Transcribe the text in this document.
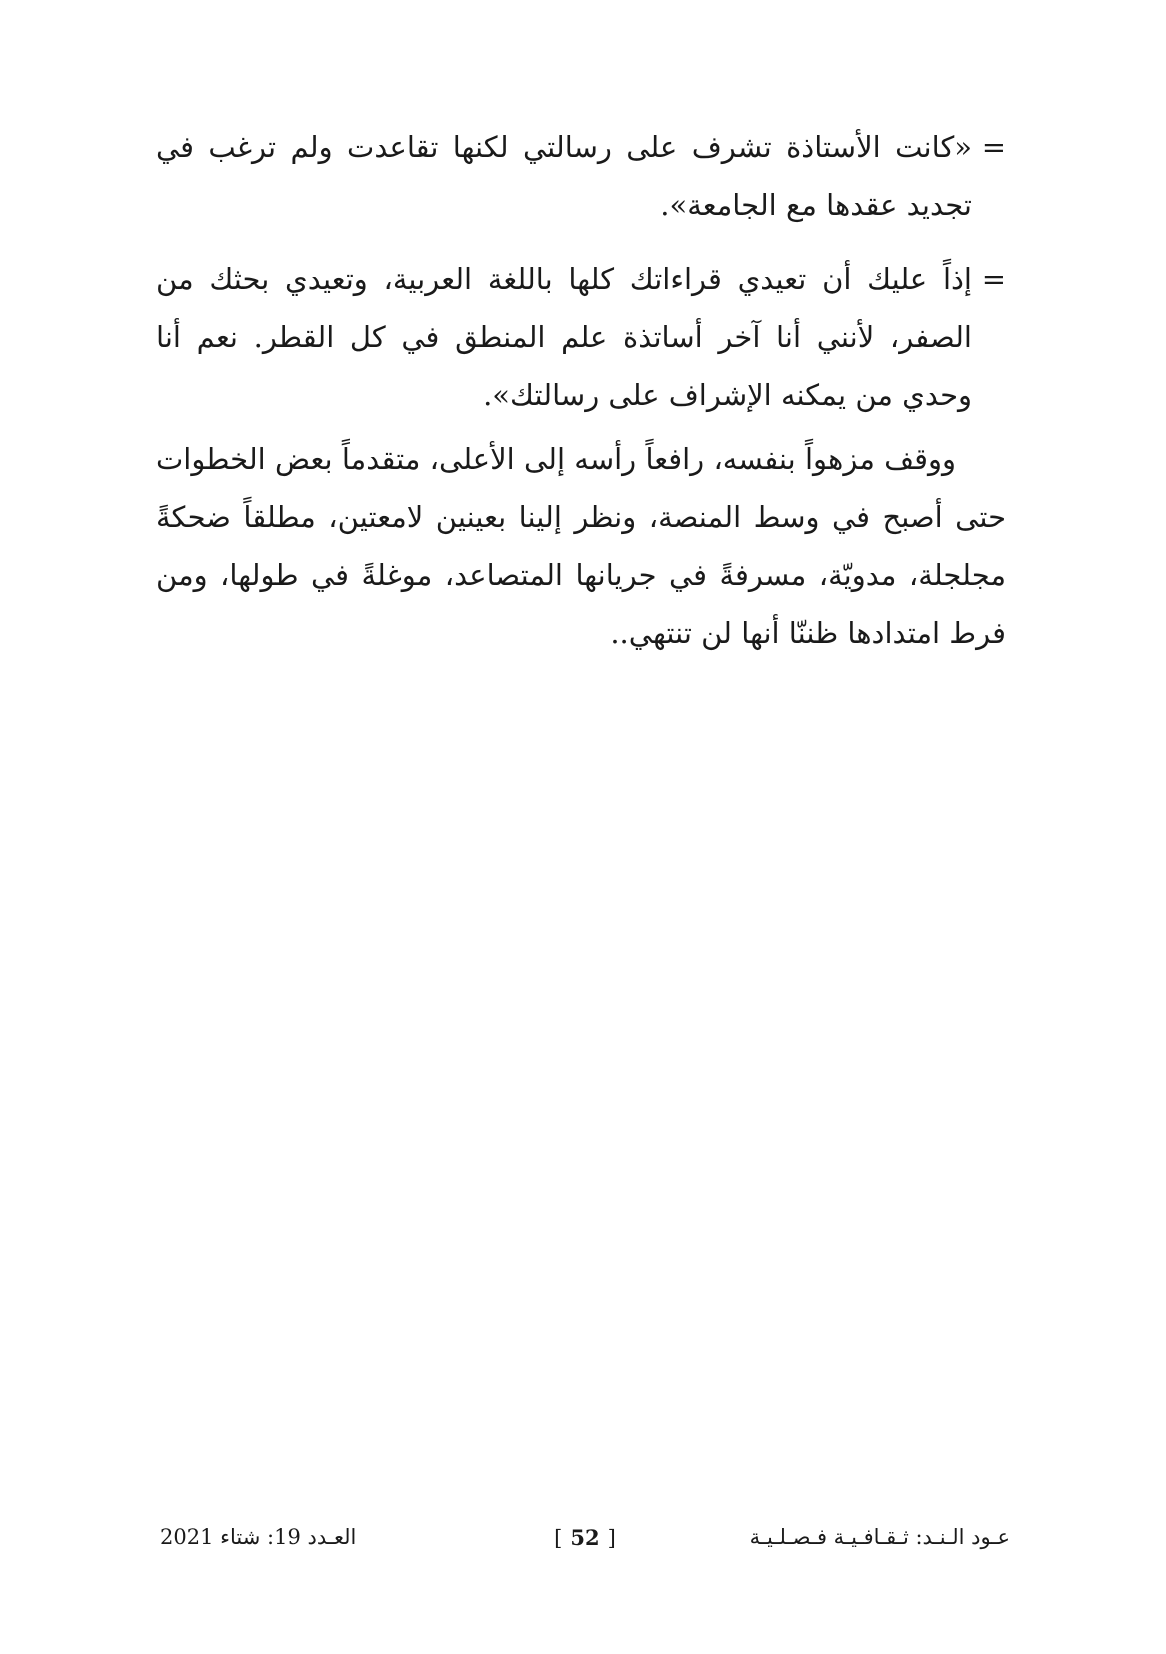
=
«كانت الأستاذة تشرف على رسالتي لكنها تقاعدت ولم ترغب في تجديد عقدها مع الجامعة».

=
إذاً عليك أن تعيدي قراءاتك كلها باللغة العربية، وتعيدي بحثك من الصفر، لأنني أنا آخر أساتذة علم المنطق في كل القطر. نعم أنا وحدي من يمكنه الإشراف على رسالتك».

ووقف مزهواً بنفسه، رافعاً رأسه إلى الأعلى، متقدماً بعض الخطوات حتى أصبح في وسط المنصة، ونظر إلينا بعينين لامعتين، مطلقاً ضحكةً مجلجلة، مدويّة، مسرفةً في جريانها المتصاعد، موغلةً في طولها، ومن فرط امتدادها ظننّا أنها لن تنتهي..

عـود الـنـد: ثـقـافـيـة فـصـلـيـة
[52]
العـدد 19: شتاء 2021
